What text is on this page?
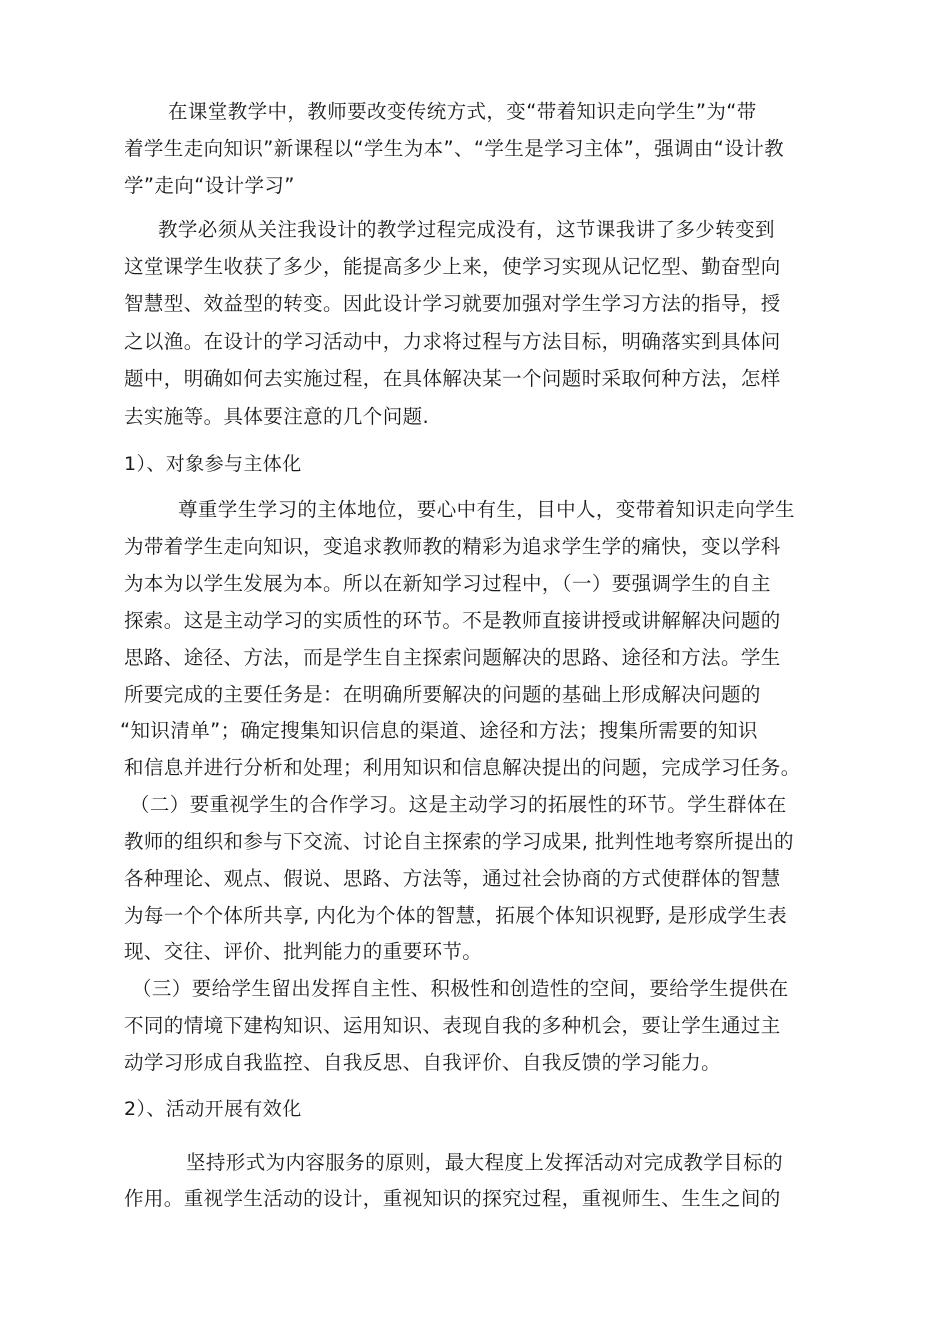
在课堂教学中，教师要改变传统方式，变“带着知识走向学生”为“带
着学生走向知识”新课程以“学生为本”、“学生是学习主体”，强调由“设计教
学”走向“设计学习”
教学必须从关注我设计的教学过程完成没有，这节课我讲了多少转变到
这堂课学生收获了多少，能提高多少上来，使学习实现从记忆型、勤奋型向
智慧型、效益型的转变。因此设计学习就要加强对学生学习方法的指导，授
之以渔。在设计的学习活动中，力求将过程与方法目标，明确落实到具体问
题中，明确如何去实施过程，在具体解决某一个问题时采取何种方法，怎样
去实施等。具体要注意的几个问题.
1）、对象参与主体化
尊重学生学习的主体地位，要心中有生，目中人，变带着知识走向学生
为带着学生走向知识，变追求教师教的精彩为追求学生学的痛快，变以学科
为本为以学生发展为本。所以在新知学习过程中，（一）要强调学生的自主
探索。这是主动学习的实质性的环节。不是教师直接讲授或讲解解决问题的
思路、途径、方法，而是学生自主探索问题解决的思路、途径和方法。学生
所要完成的主要任务是：在明确所要解决的问题的基础上形成解决问题的
“知识清单”；确定搜集知识信息的渠道、途径和方法；搜集所需要的知识
和信息并进行分析和处理；利用知识和信息解决提出的问题，完成学习任务。
（二）要重视学生的合作学习。这是主动学习的拓展性的环节。学生群体在
教师的组织和参与下交流、讨论自主探索的学习成果, 批判性地考察所提出的
各种理论、观点、假说、思路、方法等，通过社会协商的方式使群体的智慧
为每一个个体所共享, 内化为个体的智慧，拓展个体知识视野, 是形成学生表
现、交往、评价、批判能力的重要环节。
（三）要给学生留出发挥自主性、积极性和创造性的空间，要给学生提供在
不同的情境下建构知识、运用知识、表现自我的多种机会，要让学生通过主
动学习形成自我监控、自我反思、自我评价、自我反馈的学习能力。
2）、活动开展有效化
坚持形式为内容服务的原则，最大程度上发挥活动对完成教学目标的
作用。重视学生活动的设计，重视知识的探究过程，重视师生、生生之间的
